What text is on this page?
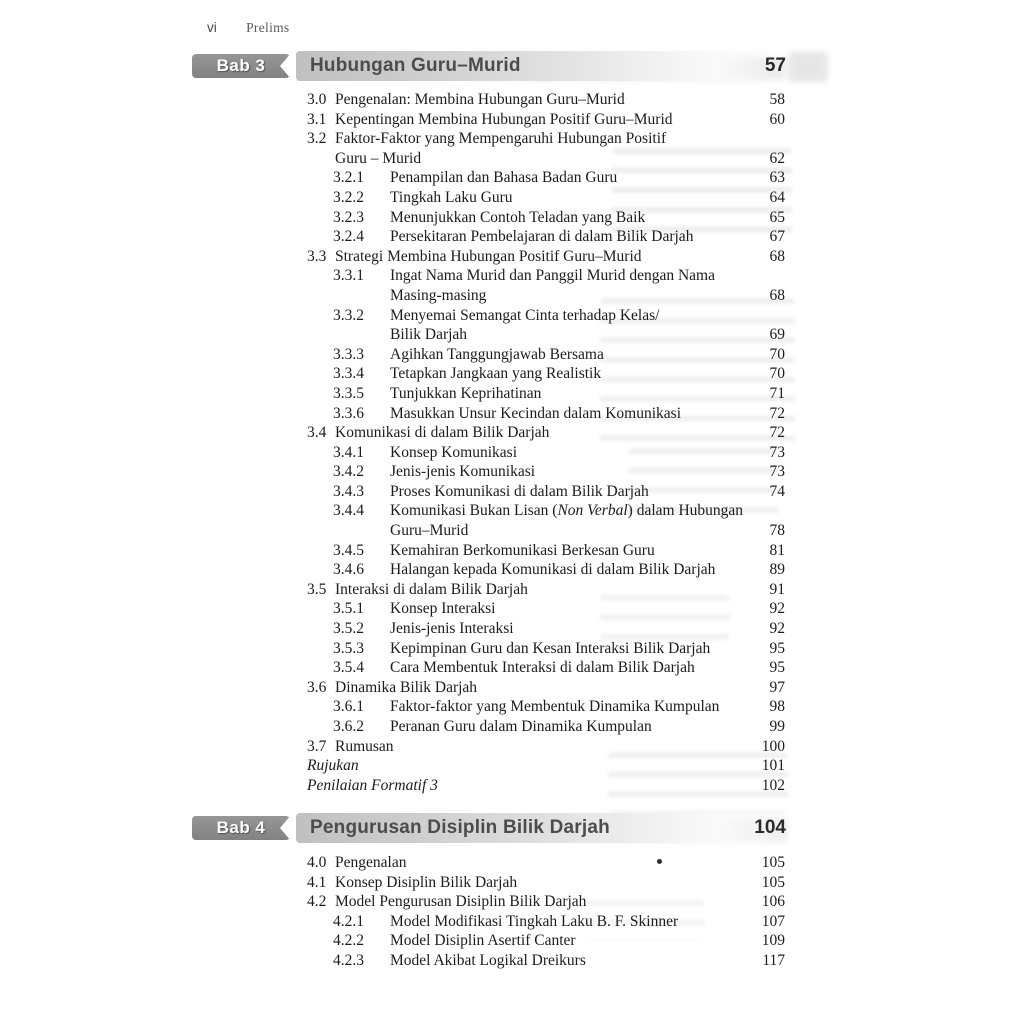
vi Prelims
Hubungan Guru–Murid	57
Bab 3
3.0 Pengenalan: Membina Hubungan Guru–Murid	58
3.1 Kepentingan Membina Hubungan Positif Guru–Murid	60
3.2 Faktor-Faktor yang Mempengaruhi Hubungan Positif
Guru – Murid	62
3.2.1	Penampilan dan Bahasa Badan Guru	63
3.2.2	Tingkah Laku Guru	64
3.2.3	Menunjukkan Contoh Teladan yang Baik	65
3.2.4	Persekitaran Pembelajaran di dalam Bilik Darjah	67
3.3 Strategi Membina Hubungan Positif Guru–Murid	68
3.3.1	Ingat Nama Murid dan Panggil Murid dengan Nama
Masing-masing	68
3.3.2	Menyemai Semangat Cinta terhadap Kelas/
Bilik Darjah	69
3.3.3	Agihkan Tanggungjawab Bersama	70
3.3.4	Tetapkan Jangkaan yang Realistik	70
3.3.5	Tunjukkan Keprihatinan	71
3.3.6	Masukkan Unsur Kecindan dalam Komunikasi	72
3.4 Komunikasi di dalam Bilik Darjah	72
3.4.1	Konsep Komunikasi	73
3.4.2	Jenis-jenis Komunikasi	73
3.4.3	Proses Komunikasi di dalam Bilik Darjah	74
3.4.4	Komunikasi Bukan Lisan (Non Verbal) dalam Hubungan
Guru–Murid	78
3.4.5	Kemahiran Berkomunikasi Berkesan Guru	81
3.4.6	Halangan kepada Komunikasi di dalam Bilik Darjah	89
3.5 Interaksi di dalam Bilik Darjah	91
3.5.1	Konsep Interaksi	92
3.5.2	Jenis-jenis Interaksi	92
3.5.3	Kepimpinan Guru dan Kesan Interaksi Bilik Darjah	95
3.5.4	Cara Membentuk Interaksi di dalam Bilik Darjah	95
3.6 Dinamika Bilik Darjah	97
3.6.1	Faktor-faktor yang Membentuk Dinamika Kumpulan	98
3.6.2	Peranan Guru dalam Dinamika Kumpulan	99
3.7 Rumusan	100
Rujukan	101
Penilaian Formatif 3	102
Pengurusan Disiplin Bilik Darjah	104
Bab 4
4.0 Pengenalan	105
4.1 Konsep Disiplin Bilik Darjah	105
4.2 Model Pengurusan Disiplin Bilik Darjah	106
4.2.1	Model Modifikasi Tingkah Laku B. F. Skinner	107
4.2.2	Model Disiplin Asertif Canter	109
4.2.3	Model Akibat Logikal Dreikurs	117
